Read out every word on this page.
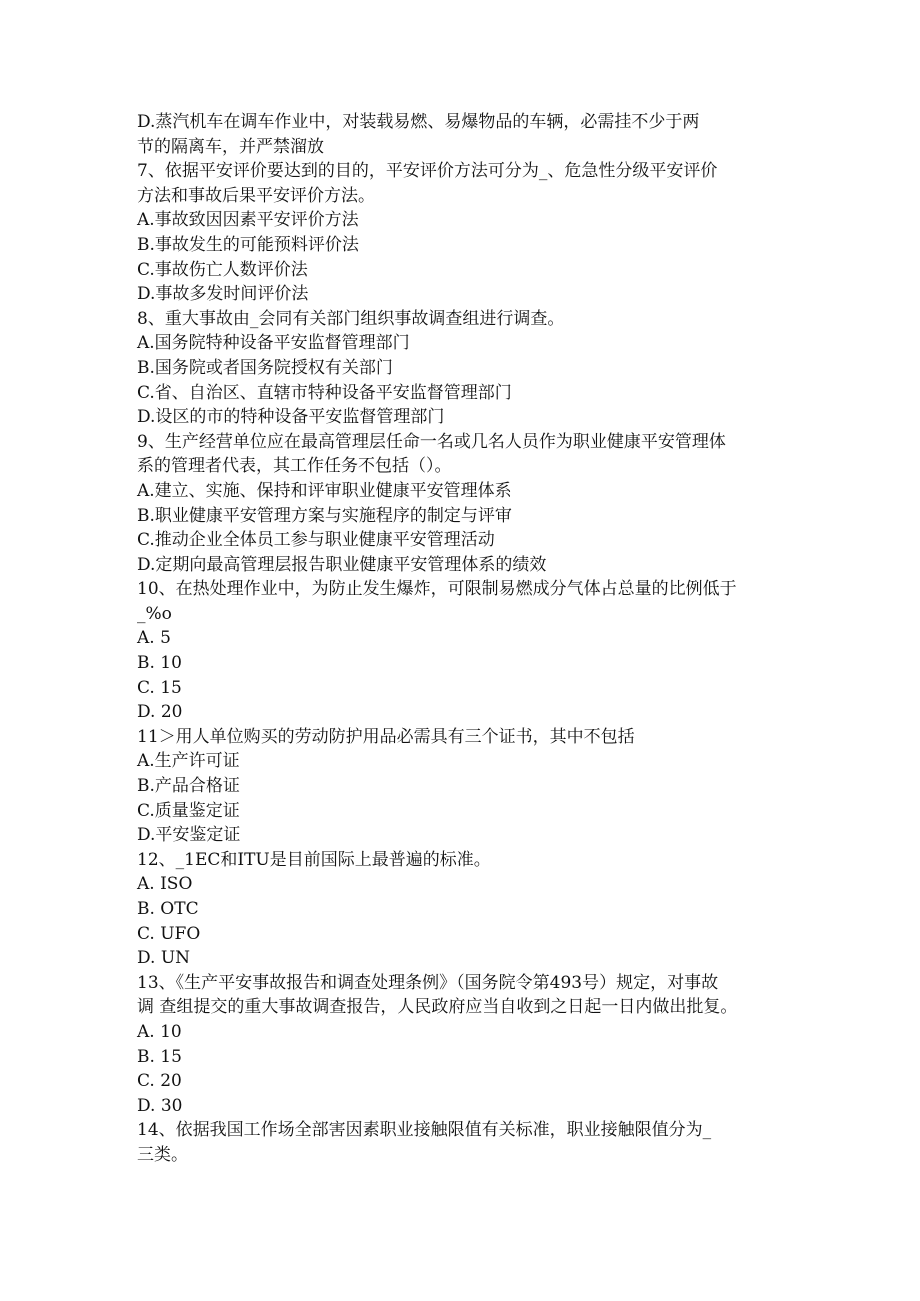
D.蒸汽机车在调车作业中，对装载易燃、易爆物品的车辆，必需挂不少于两
节的隔离车，并严禁溜放
7、依据平安评价要达到的目的，平安评价方法可分为_、危急性分级平安评价
方法和事故后果平安评价方法。
A.事故致因因素平安评价方法
B.事故发生的可能预料评价法
C.事故伤亡人数评价法
D.事故多发时间评价法
8、重大事故由_会同有关部门组织事故调查组进行调查。
A.国务院特种设备平安监督管理部门
B.国务院或者国务院授权有关部门
C.省、自治区、直辖市特种设备平安监督管理部门
D.设区的市的特种设备平安监督管理部门
9、生产经营单位应在最高管理层任命一名或几名人员作为职业健康平安管理体
系的管理者代表，其工作任务不包括（）。
A.建立、实施、保持和评审职业健康平安管理体系
B.职业健康平安管理方案与实施程序的制定与评审
C.推动企业全体员工参与职业健康平安管理活动
D.定期向最高管理层报告职业健康平安管理体系的绩效
10、在热处理作业中，为防止发生爆炸，可限制易燃成分气体占总量的比例低于
_%o
A. 5
B. 10
C. 15
D. 20
11＞用人单位购买的劳动防护用品必需具有三个证书，其中不包括
A.生产许可证
B.产品合格证
C.质量鉴定证
D.平安鉴定证
12、_1EC和ITU是目前国际上最普遍的标准。
A. ISO
B. OTC
C. UFO
D. UN
13、《生产平安事故报告和调查处理条例》（国务院令第493号）规定，对事故
调 查组提交的重大事故调查报告，人民政府应当自收到之日起一日内做出批复。
A. 10
B. 15
C. 20
D. 30
14、依据我国工作场全部害因素职业接触限值有关标准，职业接触限值分为_
三类。
